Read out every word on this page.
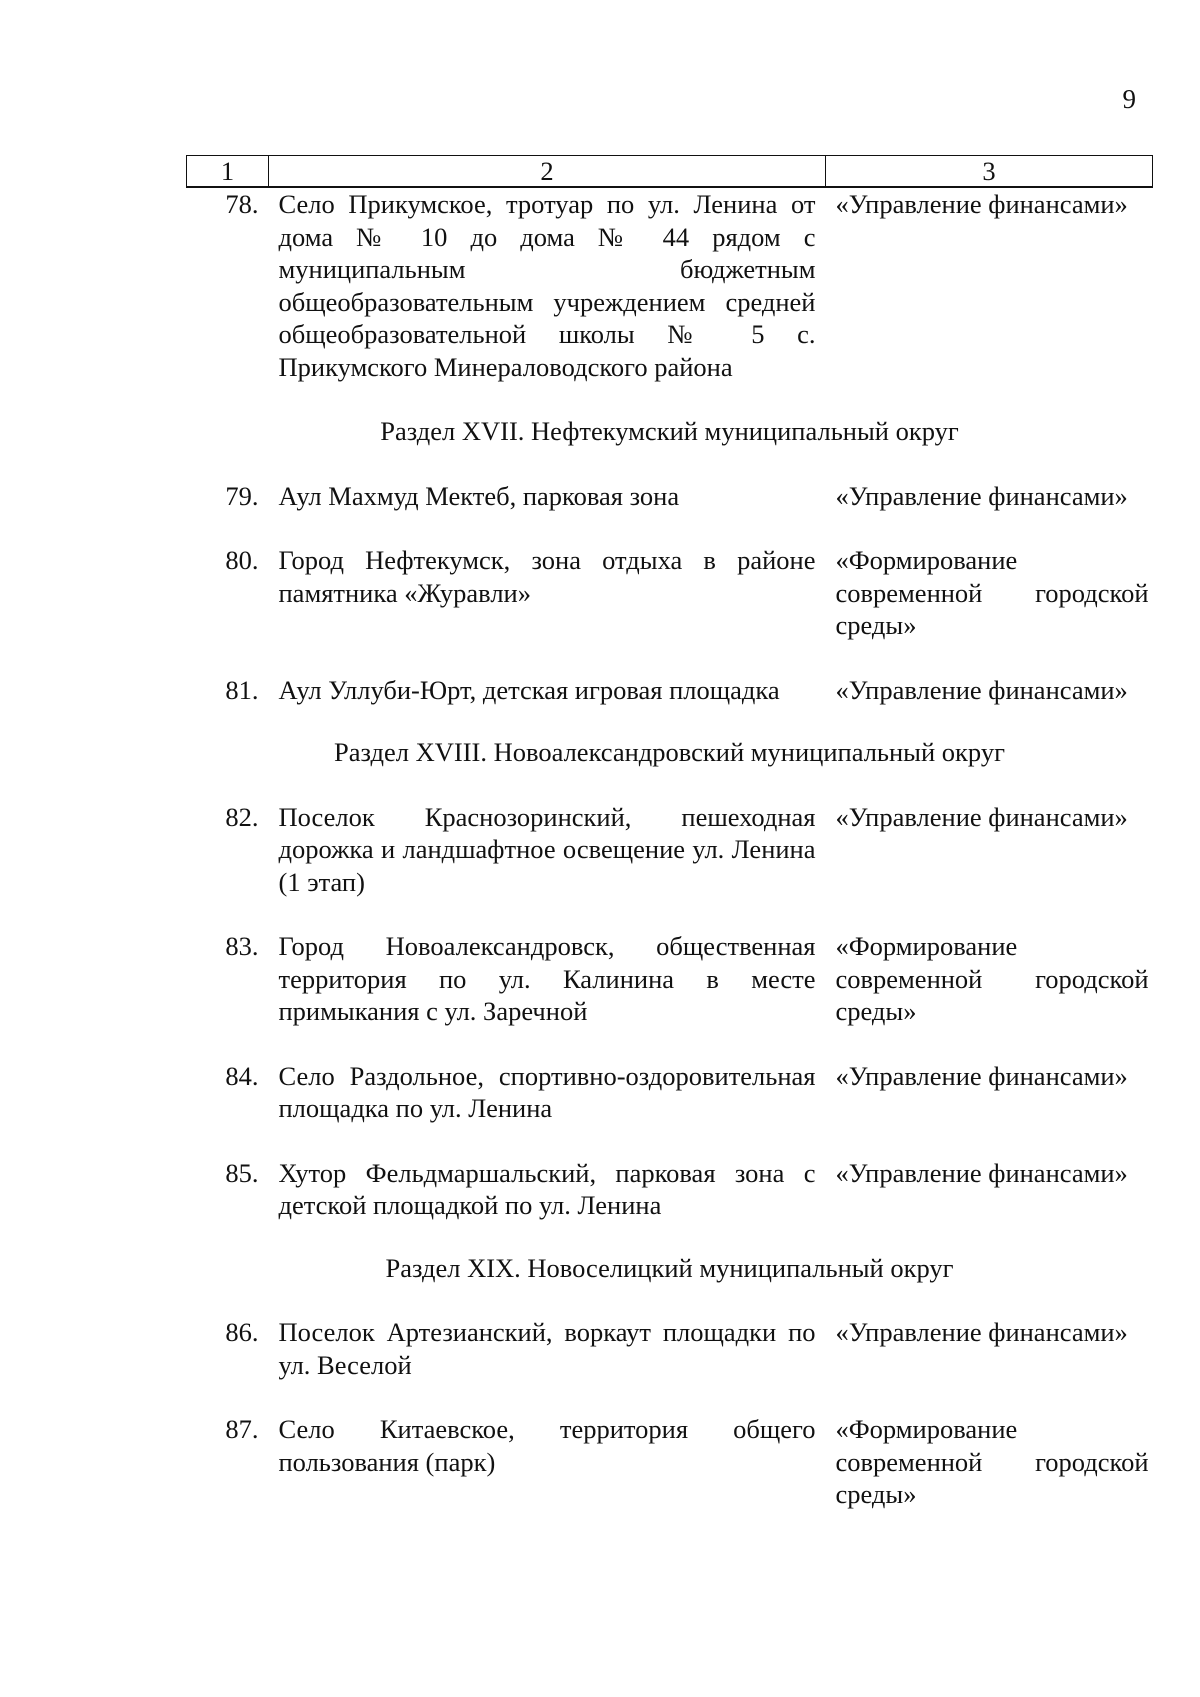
9
1	2	3
78.	Село Прикумское, тротуар по ул. Ленина от дома № 10 до дома № 44 рядом с муниципальным бюджетным общеобразовательным учреждением средней общеобразовательной школы № 5 с. Прикумского Минераловодского района	«Управление финансами»

Раздел XVII. Нефтекумский муниципальный округ		

79.	Аул Махмуд Мектеб, парковая зона	«Управление финансами»

80.	Город Нефтекумск, зона отдыха в районе памятника «Журавли»	«Формирование современной городской среды»

81.	Аул Уллуби-Юрт, детская игровая площадка	«Управление финансами»

Раздел XVIII. Новоалександровский муниципальный округ		

82.	Поселок Краснозоринский, пешеходная дорожка и ландшафтное освещение ул. Ленина (1 этап)	«Управление финансами»

83.	Город Новоалександровск, общественная территория по ул. Калинина в месте примыкания с ул. Заречной	«Формирование современной городской среды»

84.	Село Раздольное, спортивно-оздоровительная площадка по ул. Ленина	«Управление финансами»

85.	Хутор Фельдмаршальский, парковая зона с детской площадкой по ул. Ленина	«Управление финансами»

Раздел XIX. Новоселицкий муниципальный округ		

86.	Поселок Артезианский, воркаут площадки по ул. Веселой	«Управление финансами»

87.	Село Китаевское, территория общего пользования (парк)	«Формирование современной городской среды»
